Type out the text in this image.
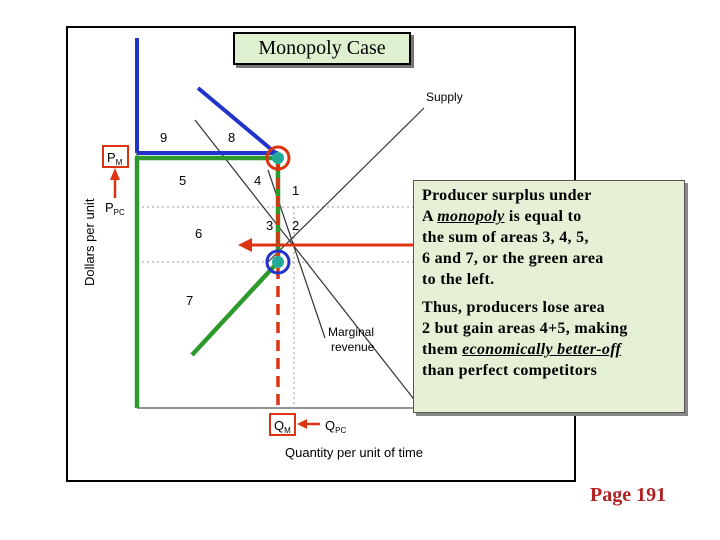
$P_M$
$P_{PC}$
$Q_M$	$Q_{PC}$
Supply
Marginal
revenue
9	8
5	4
1
6
3 2
7
Dollars per unit
Quantity per unit of time
Monopoly Case

Producer surplus under
A monopoly is equal to
the sum of areas 3, 4, 5,
6 and 7, or the green area
to the left.

Thus, producers lose area
2 but gain areas 4+5, making
them economically better-off
than perfect competitors

Page 191
